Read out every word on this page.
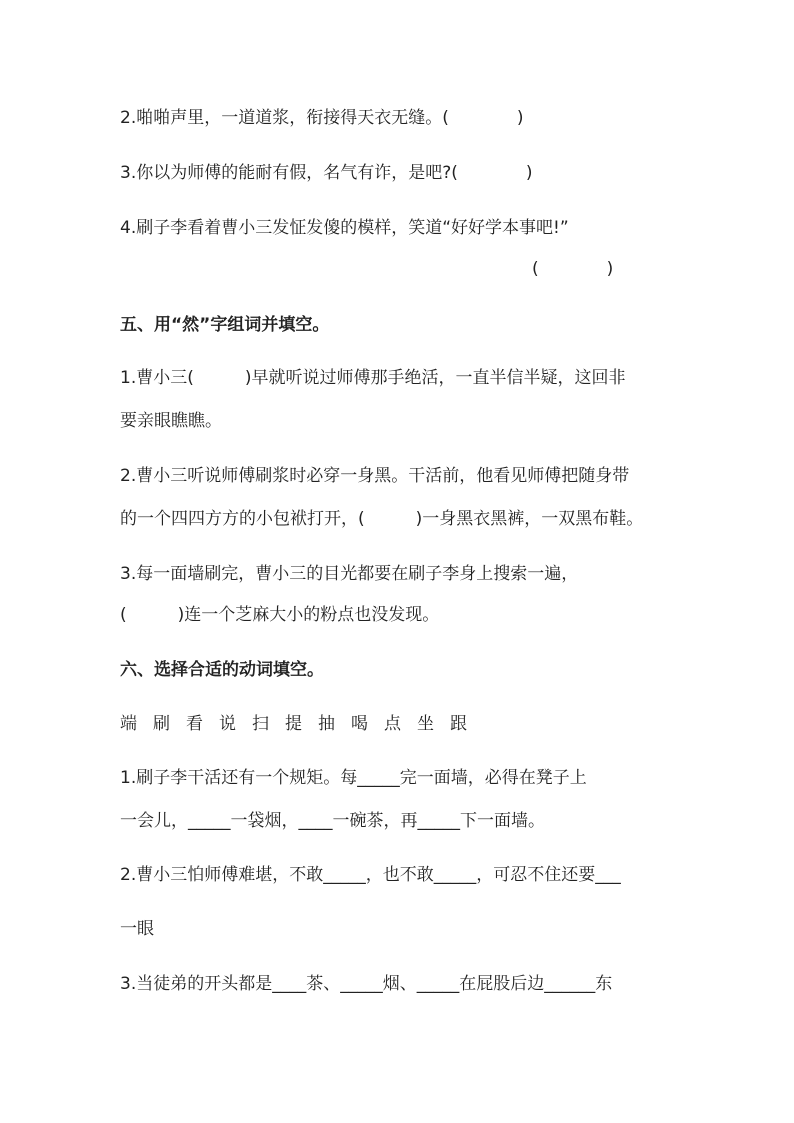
2.啪啪声里，一道道浆，衔接得天衣无缝。(　　　　)
3.你以为师傅的能耐有假，名气有诈，是吧?(　　　　)
4.刷子李看着曹小三发怔发傻的模样，笑道“好好学本事吧!”
(　　　　)
五、用“然”字组词并填空。
1.曹小三(　　　)早就听说过师傅那手绝活，一直半信半疑，这回非
要亲眼瞧瞧。
2.曹小三听说师傅刷浆时必穿一身黑。干活前，他看见师傅把随身带
的一个四四方方的小包袱打开，(　　　)一身黑衣黑裤，一双黑布鞋。
3.每一面墙刷完，曹小三的目光都要在刷子李身上搜索一遍，
(　　　)连一个芝麻大小的粉点也没发现。
六、选择合适的动词填空。
端 刷 看 说 扫 提 抽 喝 点 坐 跟
1.刷子李干活还有一个规矩。每_____完一面墙，必得在凳子上
一会儿，_____一袋烟，____一碗茶，再_____下一面墙。
2.曹小三怕师傅难堪，不敢_____，也不敢_____，可忍不住还要___
一眼
3.当徒弟的开头都是____茶、_____烟、_____在屁股后边______东
